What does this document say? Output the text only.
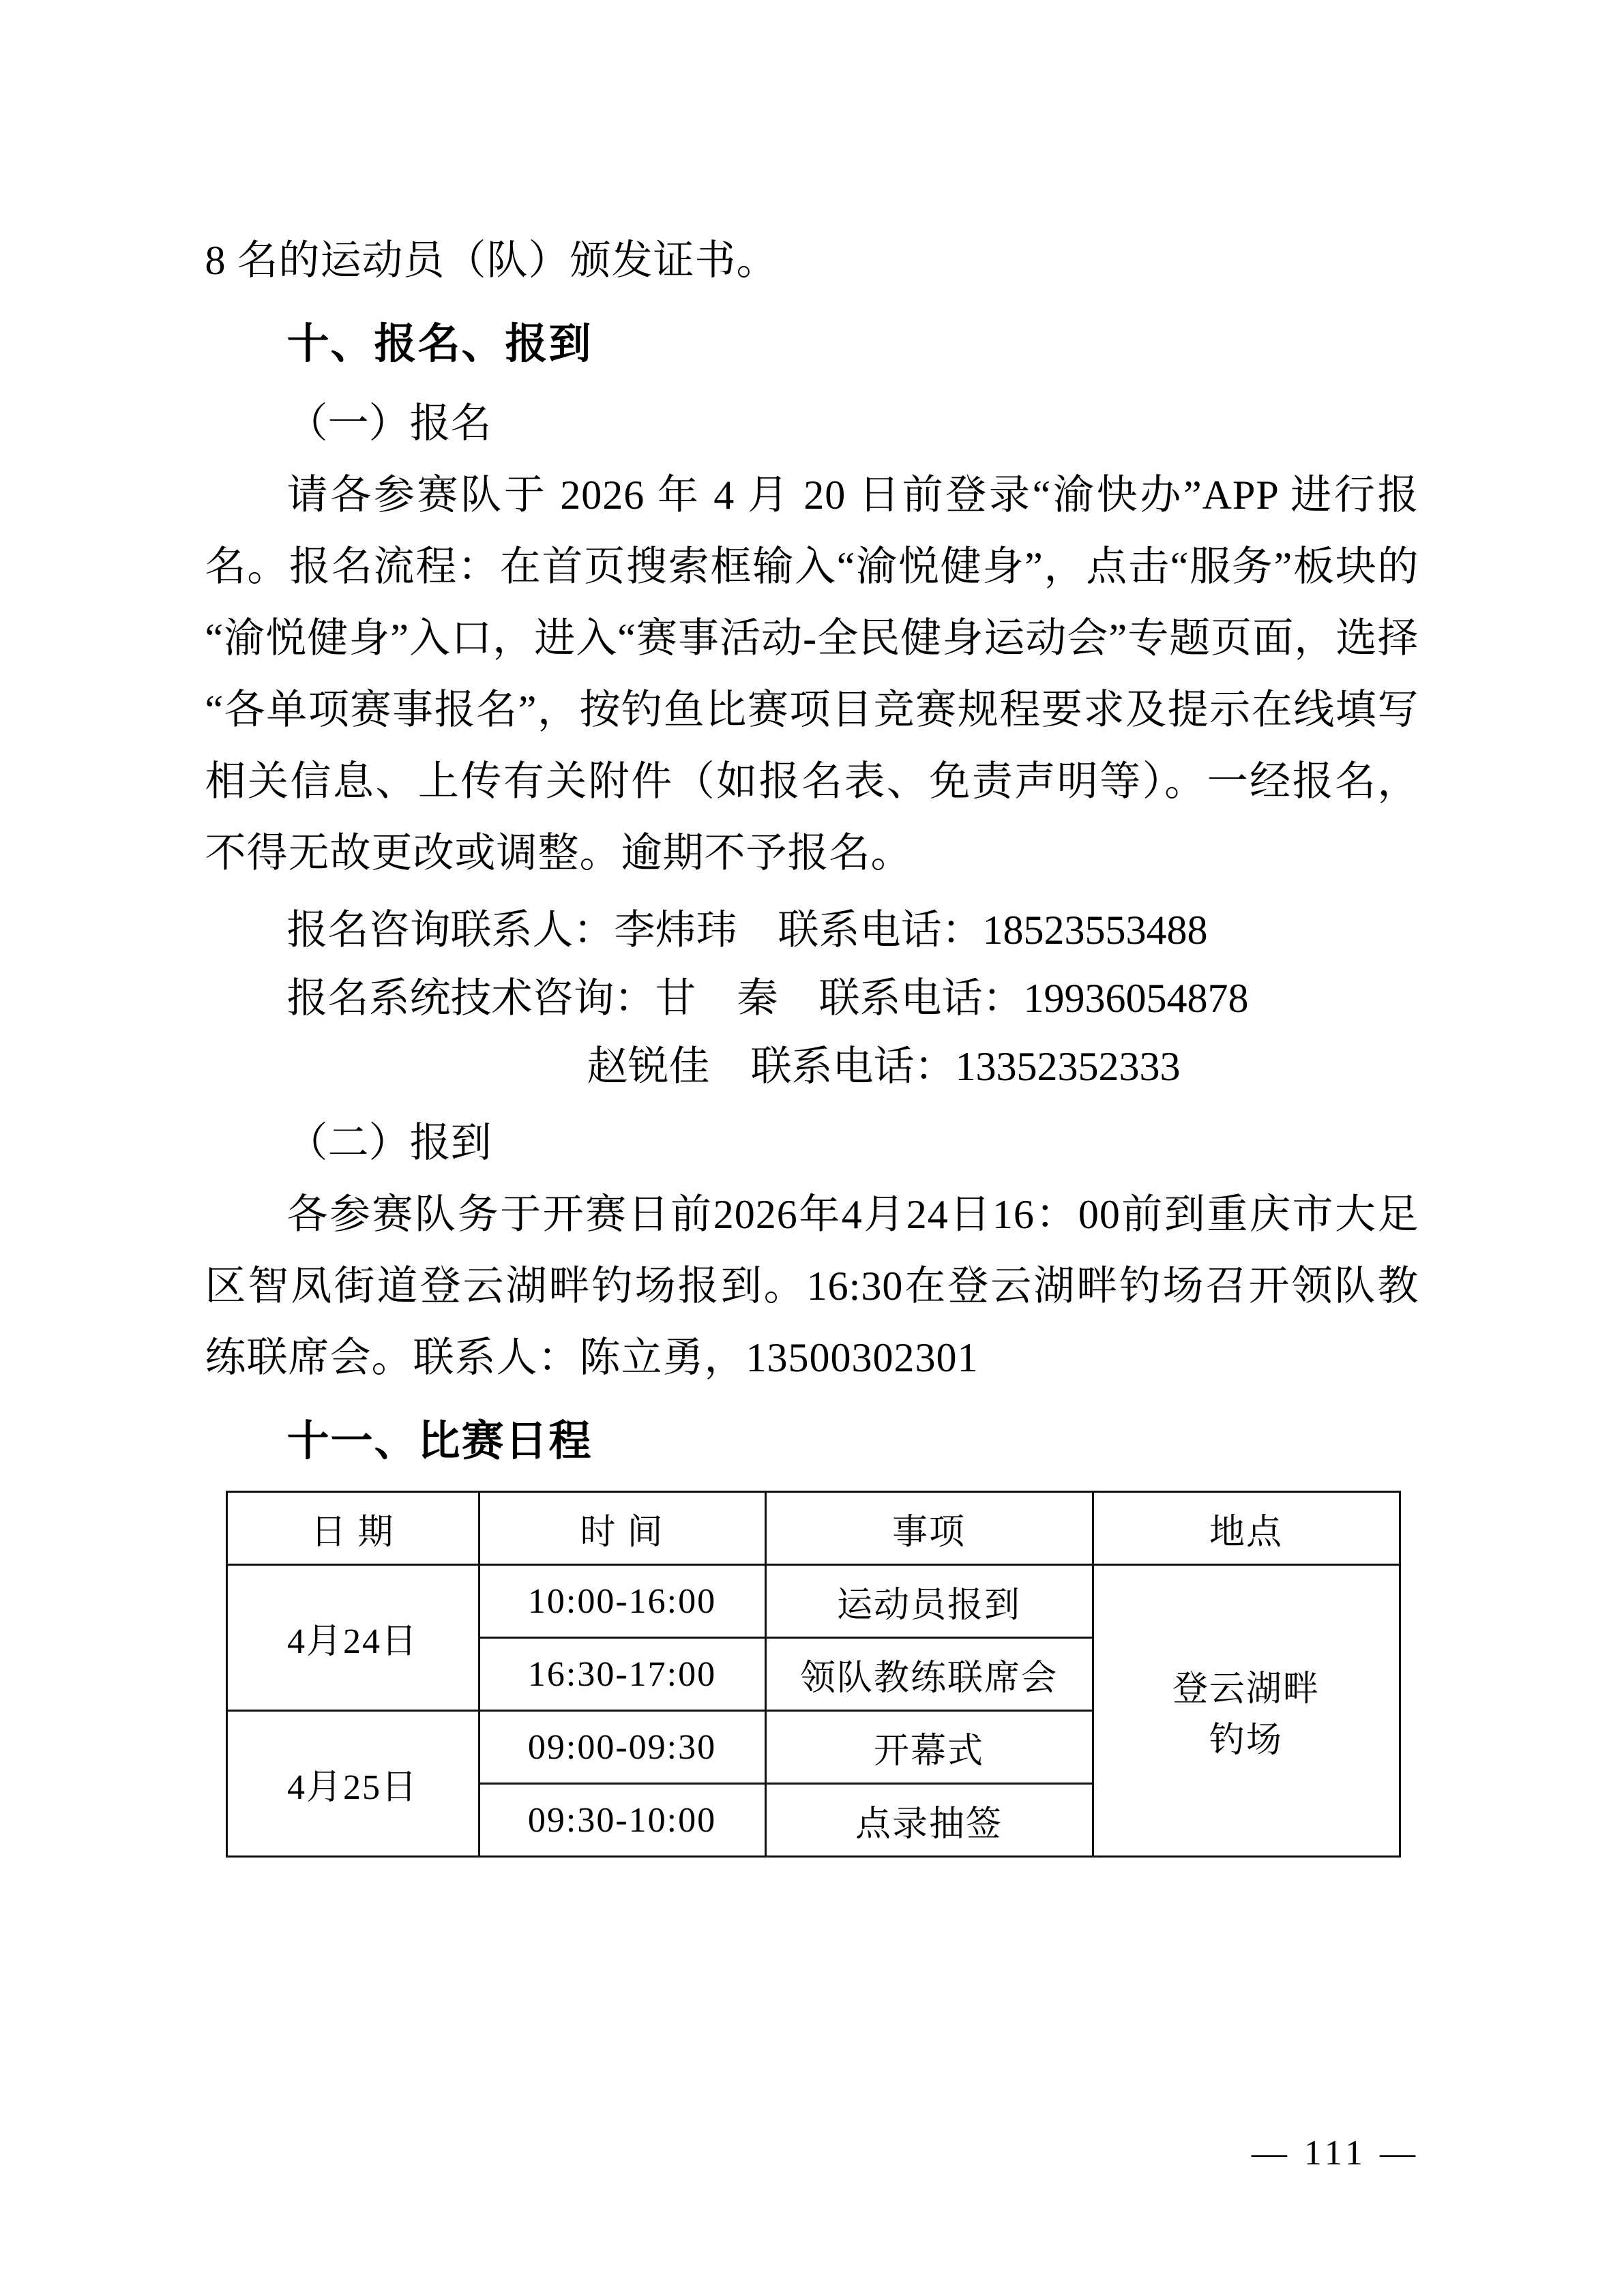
8 名的运动员（队）颁发证书。

十、报名、报到

（一）报名

请各参赛队于 2026 年 4 月 20 日前登录“渝快办”APP 进行报名。报名流程：在首页搜索框输入“渝悦健身”，点击“服务”板块的“渝悦健身”入口，进入“赛事活动-全民健身运动会”专题页面，选择“各单项赛事报名”，按钓鱼比赛项目竞赛规程要求及提示在线填写相关信息、上传有关附件（如报名表、免责声明等）。一经报名，不得无故更改或调整。逾期不予报名。

报名咨询联系人：李炜玮　 联系电话：18523553488

报名系统技术咨询：甘　秦　 联系电话：19936054878

赵锐佳　 联系电话：13352352333

（二）报到

各参赛队务于开赛日前2026年4月24日16：00前到重庆市大足区智凤街道登云湖畔钓场报到。16:30在登云湖畔钓场召开领队教练联席会。联系人：陈立勇，13500302301

十一、比赛日程
日 期	时 间	事项	地点
4月24日	10:00-16:00	运动员报到	登云湖畔
钓场

	16:30-17:00	领队教练联席会	
4月25日	09:00-09:30	开幕式	
	09:30-10:00	点录抽签	
— 111 —
